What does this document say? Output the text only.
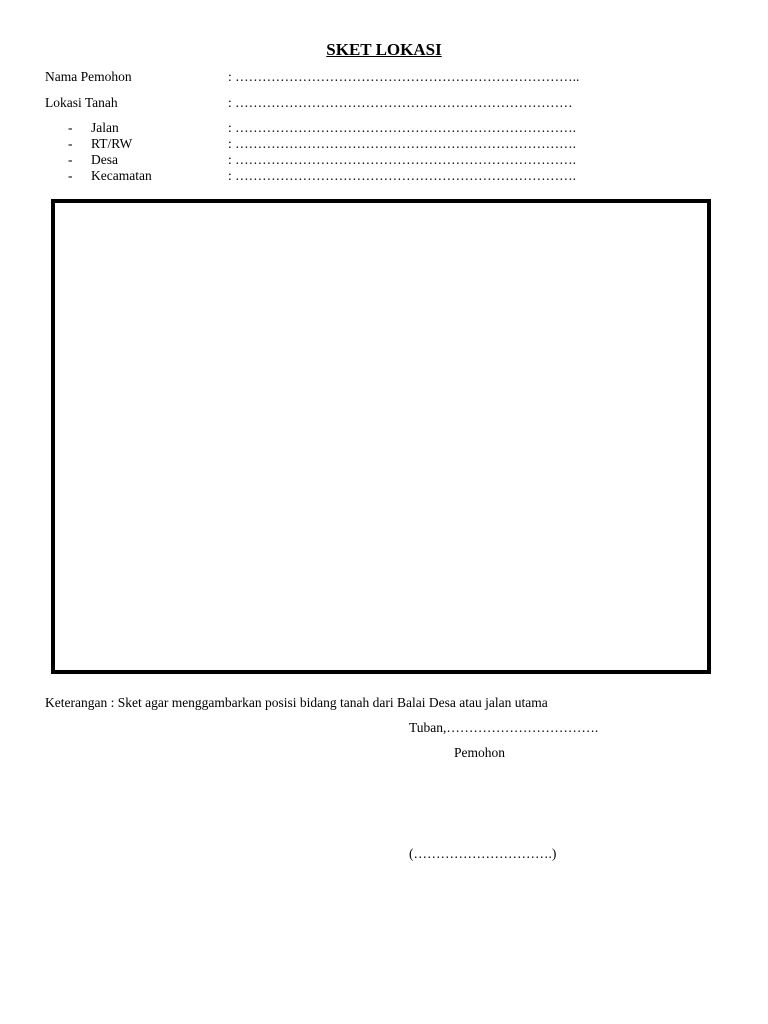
SKET LOKASI
Nama Pemohon	: …………………………………………………………………..
Lokasi Tanah	: …………………………………………………………………
- Jalan	: ………………………………………………………………….
- RT/RW	: ………………………………………………………………….
- Desa	: ………………………………………………………………….
- Kecamatan	: ………………………………………………………………….
Keterangan : Sket agar menggambarkan posisi bidang tanah dari Balai Desa atau jalan utama
Tuban,…………………………….
Pemohon
(………………………….)
